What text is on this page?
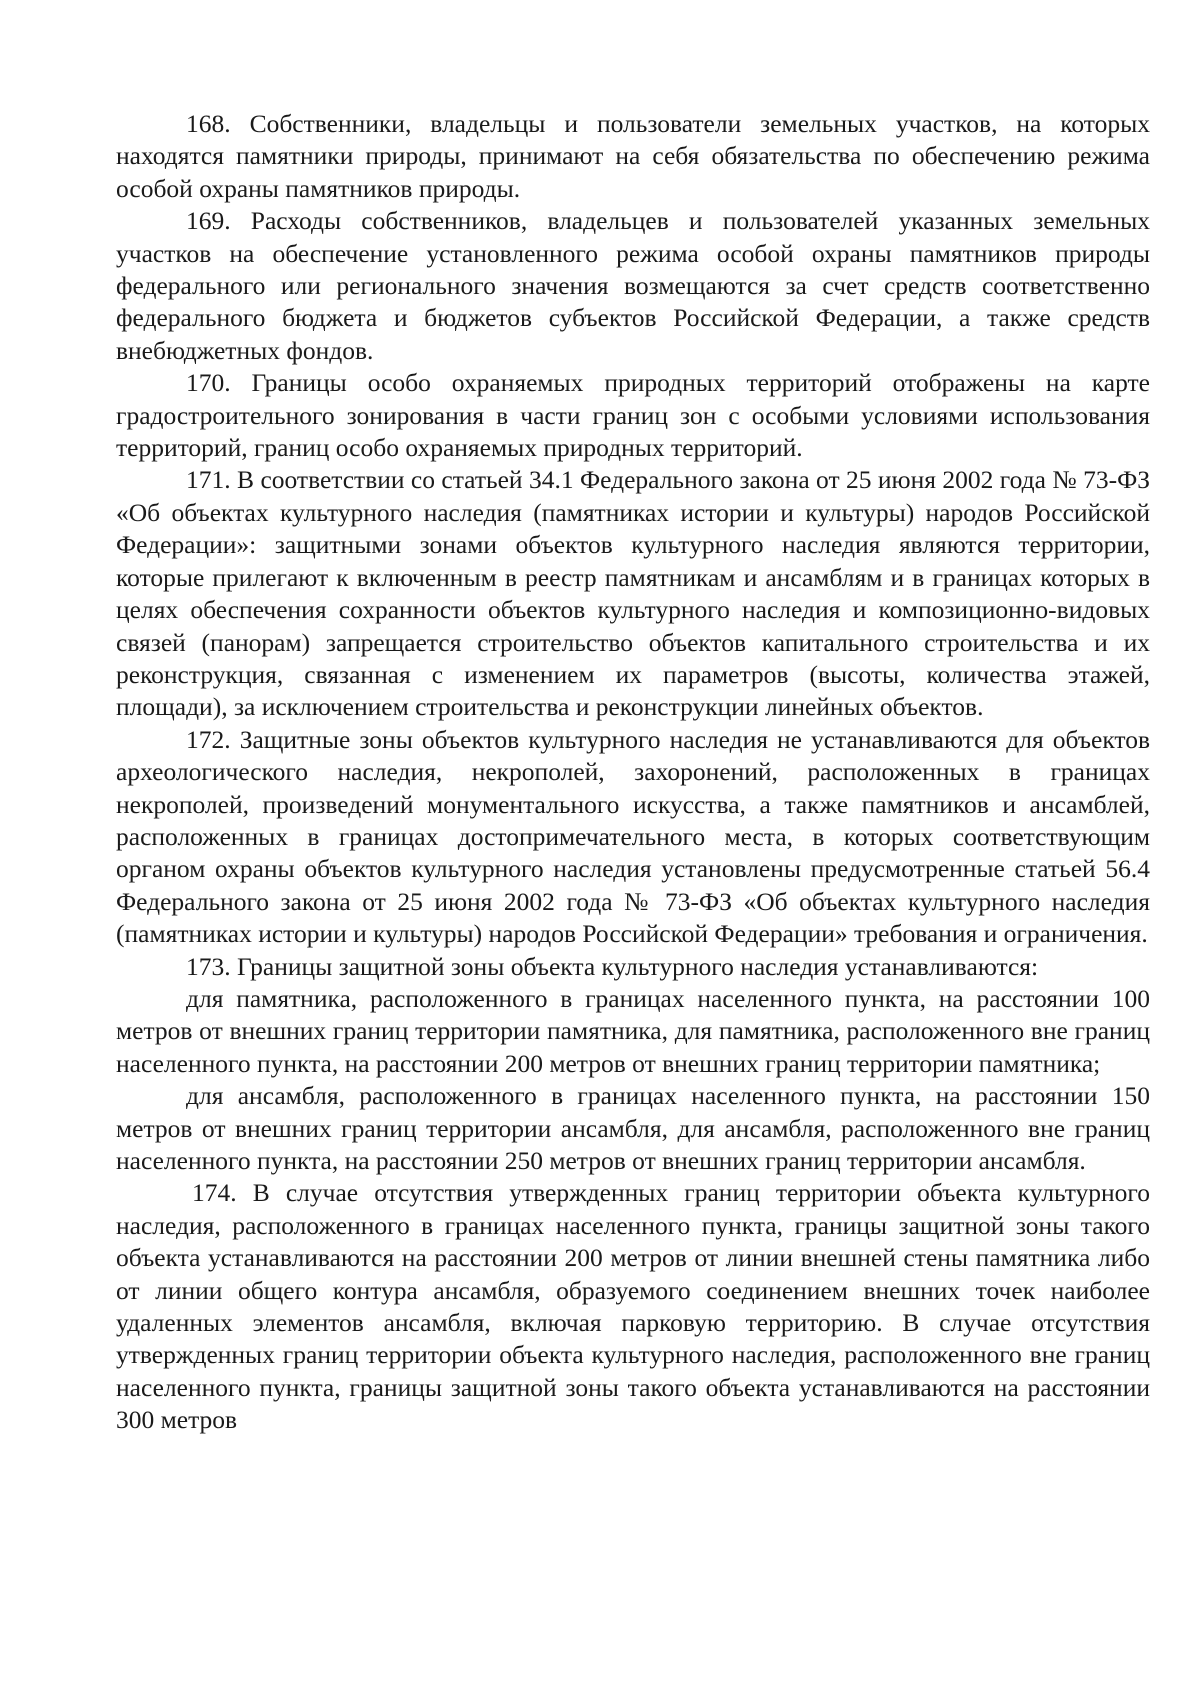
168. Собственники, владельцы и пользователи земельных участков, на которых находятся памятники природы, принимают на себя обязательства по обеспечению режима особой охраны памятников природы.

169. Расходы собственников, владельцев и пользователей указанных земельных участков на обеспечение установленного режима особой охраны памятников природы федерального или регионального значения возмещаются за счет средств соответственно федерального бюджета и бюджетов субъектов Российской Федерации, а также средств внебюджетных фондов.

170. Границы особо охраняемых природных территорий отображены на карте градостроительного зонирования в части границ зон с особыми условиями использования территорий, границ особо охраняемых природных территорий.

171. В соответствии со статьей 34.1 Федерального закона от 25 июня 2002 года № 73-ФЗ «Об объектах культурного наследия (памятниках истории и культуры) народов Российской Федерации»: защитными зонами объектов культурного наследия являются территории, которые прилегают к включенным в реестр памятникам и ансамблям и в границах которых в целях обеспечения сохранности объектов культурного наследия и композиционно-видовых связей (панорам) запрещается строительство объектов капитального строительства и их реконструкция, связанная с изменением их параметров (высоты, количества этажей, площади), за исключением строительства и реконструкции линейных объектов.

172. Защитные зоны объектов культурного наследия не устанавливаются для объектов археологического наследия, некрополей, захоронений, расположенных в границах некрополей, произведений монументального искусства, а также памятников и ансамблей, расположенных в границах достопримечательного места, в которых соответствующим органом охраны объектов культурного наследия установлены предусмотренные статьей 56.4 Федерального закона от 25 июня 2002 года № 73-ФЗ «Об объектах культурного наследия (памятниках истории и культуры) народов Российской Федерации» требования и ограничения.

173. Границы защитной зоны объекта культурного наследия устанавливаются:

для памятника, расположенного в границах населенного пункта, на расстоянии 100 метров от внешних границ территории памятника, для памятника, расположенного вне границ населенного пункта, на расстоянии 200 метров от внешних границ территории памятника;

для ансамбля, расположенного в границах населенного пункта, на расстоянии 150 метров от внешних границ территории ансамбля, для ансамбля, расположенного вне границ населенного пункта, на расстоянии 250 метров от внешних границ территории ансамбля.

174. В случае отсутствия утвержденных границ территории объекта культурного наследия, расположенного в границах населенного пункта, границы защитной зоны такого объекта устанавливаются на расстоянии 200 метров от линии внешней стены памятника либо от линии общего контура ансамбля, образуемого соединением внешних точек наиболее удаленных элементов ансамбля, включая парковую территорию. В случае отсутствия утвержденных границ территории объекта культурного наследия, расположенного вне границ населенного пункта, границы защитной зоны такого объекта устанавливаются на расстоянии 300 метров
